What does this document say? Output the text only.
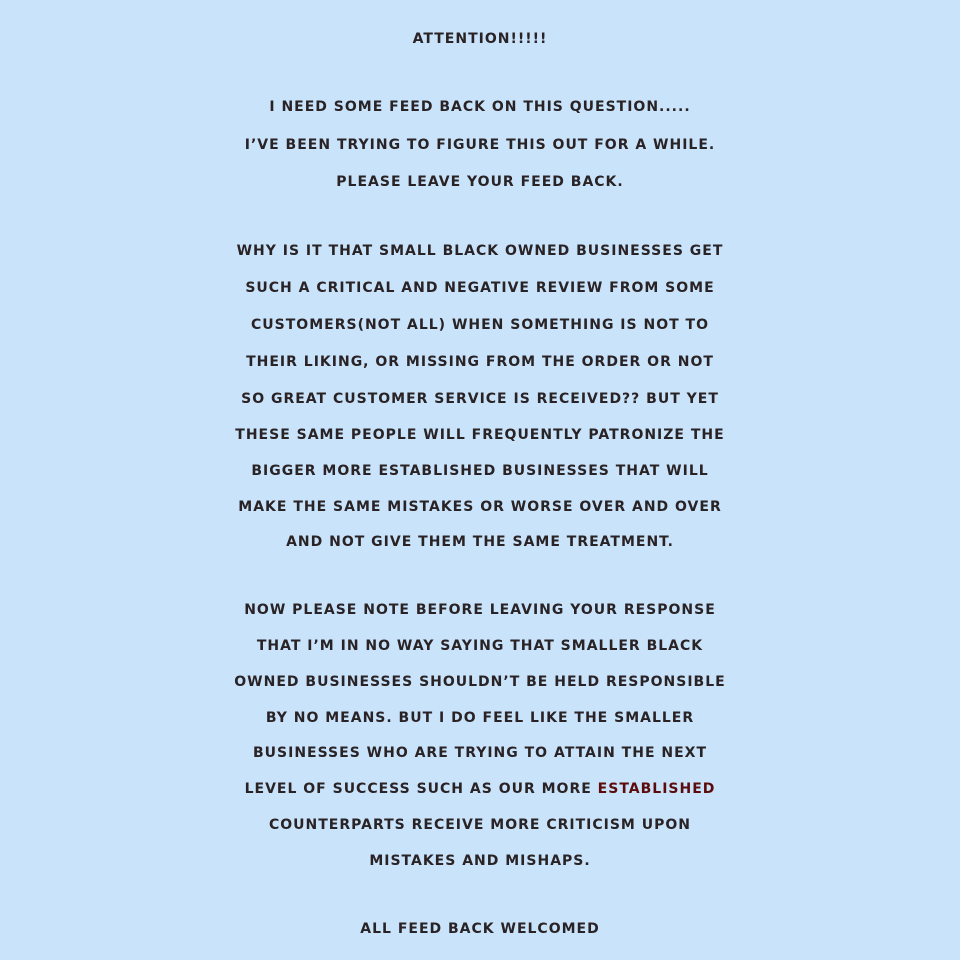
ATTENTION!!!!!
I NEED SOME FEED BACK ON THIS QUESTION.....
I’VE BEEN TRYING TO FIGURE THIS OUT FOR A WHILE.
PLEASE LEAVE YOUR FEED BACK.
WHY IS IT THAT SMALL BLACK OWNED BUSINESSES GET
SUCH A CRITICAL AND NEGATIVE REVIEW FROM SOME
CUSTOMERS(NOT ALL) WHEN SOMETHING IS NOT TO
THEIR LIKING, OR MISSING FROM THE ORDER OR NOT
SO GREAT CUSTOMER SERVICE IS RECEIVED?? BUT YET
THESE SAME PEOPLE WILL FREQUENTLY PATRONIZE THE
BIGGER MORE ESTABLISHED BUSINESSES THAT WILL
MAKE THE SAME MISTAKES OR WORSE OVER AND OVER
AND NOT GIVE THEM THE SAME TREATMENT.
NOW PLEASE NOTE BEFORE LEAVING YOUR RESPONSE
THAT I’M IN NO WAY SAYING THAT SMALLER BLACK
OWNED BUSINESSES SHOULDN’T BE HELD RESPONSIBLE
BY NO MEANS. BUT I DO FEEL LIKE THE SMALLER
BUSINESSES WHO ARE TRYING TO ATTAIN THE NEXT
LEVEL OF SUCCESS SUCH AS OUR MORE ESTABLISHED
COUNTERPARTS RECEIVE MORE CRITICISM UPON
MISTAKES AND MISHAPS.
ALL FEED BACK WELCOMED
